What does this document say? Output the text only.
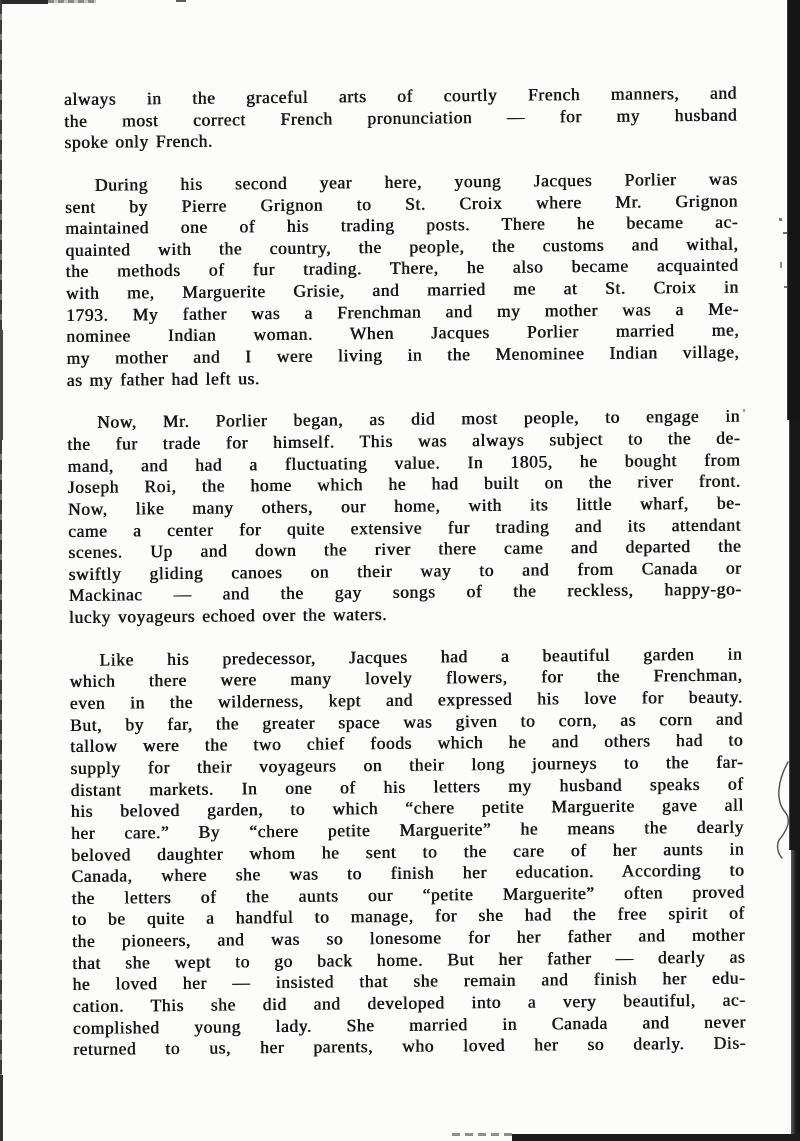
always in the graceful arts of courtly French manners, and
the most correct French pronunciation — for my husband
spoke only French.
During his second year here, young Jacques Porlier was
sent by Pierre Grignon to St. Croix where Mr. Grignon
maintained one of his trading posts. There he became ac-
quainted with the country, the people, the customs and withal,
the methods of fur trading. There, he also became acquainted
with me, Marguerite Grisie, and married me at St. Croix in
1793. My father was a Frenchman and my mother was a Me-
nominee Indian woman. When Jacques Porlier married me,
my mother and I were living in the Menominee Indian village,
as my father had left us.
Now, Mr. Porlier began, as did most people, to engage in
the fur trade for himself. This was always subject to the de-
mand, and had a fluctuating value. In 1805, he bought from
Joseph Roi, the home which he had built on the river front.
Now, like many others, our home, with its little wharf, be-
came a center for quite extensive fur trading and its attendant
scenes. Up and down the river there came and departed the
swiftly gliding canoes on their way to and from Canada or
Mackinac — and the gay songs of the reckless, happy-go-
lucky voyageurs echoed over the waters.
Like his predecessor, Jacques had a beautiful garden in
which there were many lovely flowers, for the Frenchman,
even in the wilderness, kept and expressed his love for beauty.
But, by far, the greater space was given to corn, as corn and
tallow were the two chief foods which he and others had to
supply for their voyageurs on their long journeys to the far-
distant markets. In one of his letters my husband speaks of
his beloved garden, to which “chere petite Marguerite gave all
her care.” By “chere petite Marguerite” he means the dearly
beloved daughter whom he sent to the care of her aunts in
Canada, where she was to finish her education. According to
the letters of the aunts our “petite Marguerite” often proved
to be quite a handful to manage, for she had the free spirit of
the pioneers, and was so lonesome for her father and mother
that she wept to go back home. But her father — dearly as
he loved her — insisted that she remain and finish her edu-
cation. This she did and developed into a very beautiful, ac-
complished young lady. She married in Canada and never
returned to us, her parents, who loved her so dearly. Dis-
